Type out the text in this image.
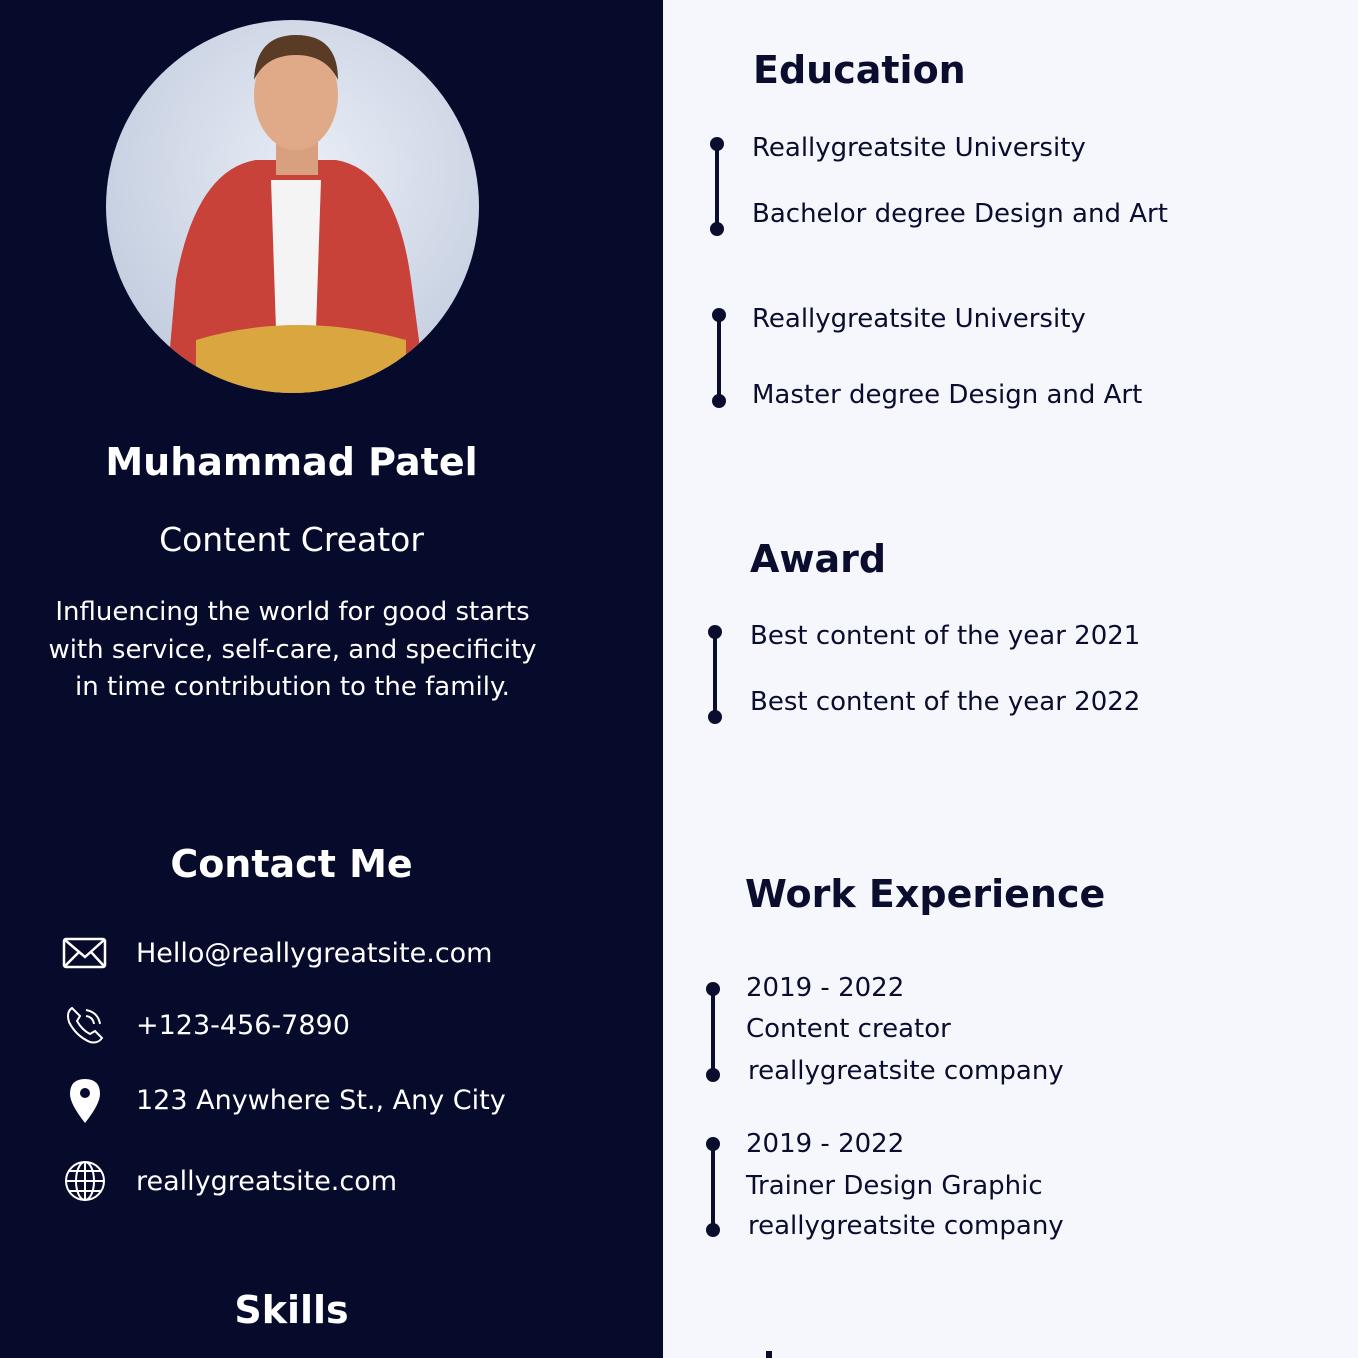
Muhammad Patel
Content Creator
Influencing the world for good starts with service, self-care, and specificity in time contribution to the family.
Contact Me
Hello@reallygreatsite.com
+123-456-7890
123 Anywhere St., Any City
reallygreatsite.com
Skills
Education
Reallygreatsite University
Bachelor degree Design and Art
Reallygreatsite University
Master degree Design and Art
Award
Best content of the year 2021
Best content of the year 2022
Work Experience
2019 - 2022
Content creator
reallygreatsite company
2019 - 2022
Trainer Design Graphic
reallygreatsite company
